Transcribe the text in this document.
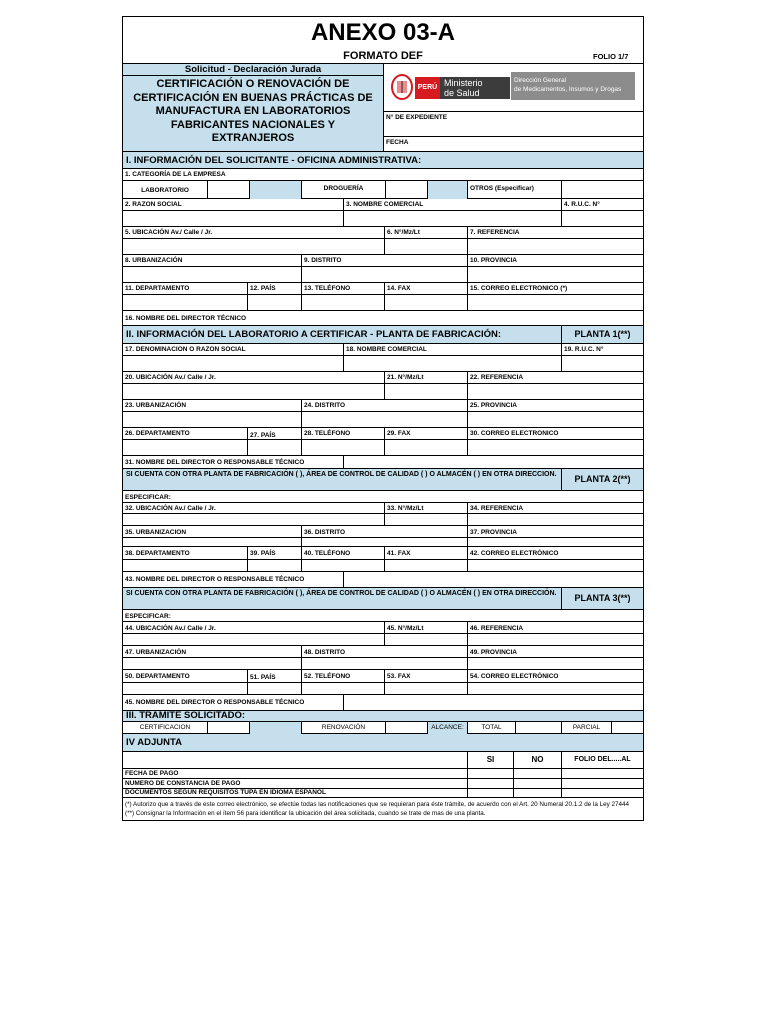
ANEXO 03-A
FORMATO DEF	FOLIO 1/7
Solicitud - Declaración Jurada
CERTIFICACIÓN O RENOVACIÓN DE CERTIFICACIÓN EN BUENAS PRÁCTICAS DE MANUFACTURA EN LABORATORIOS FABRICANTES NACIONALES Y EXTRANJEROS
PERÚ Ministerio
de Salud
Dirección General
de Medicamentos, Insumos y Drogas
N° DE EXPEDIENTE
FECHA
I. INFORMACIÓN DEL SOLICITANTE - OFICINA ADMINISTRATIVA:
1. CATEGORÍA DE LA EMPRESA
LABORATORIO	DROGUERÍA	OTROS (Especificar)
2. RAZON SOCIAL	3. NOMBRE COMERCIAL	4. R.U.C. N°
5. UBICACIÓN Av./ Calle / Jr.	6. N°/Mz/Lt	7. REFERENCIA
8. URBANIZACIÓN	9. DISTRITO	10. PROVINCIA
11. DEPARTAMENTO	12. PAÍS	13. TELÉFONO	14. FAX	15. CORREO ELECTRONICO (*)
16. NOMBRE DEL DIRECTOR TÉCNICO
II. INFORMACIÓN DEL LABORATORIO A CERTIFICAR - PLANTA DE FABRICACIÓN:	PLANTA 1(**)
17. DENOMINACION O RAZON SOCIAL	18. NOMBRE COMERCIAL	19. R.U.C. N°
20. UBICACIÓN Av./ Calle / Jr.	21. N°/Mz/Lt	22. REFERENCIA
23. URBANIZACIÓN	24. DISTRITO	25. PROVINCIA
26. DEPARTAMENTO	27. PAÍS	28. TELÉFONO	29. FAX	30. CORREO ELECTRONICO
31. NOMBRE DEL DIRECTOR O RESPONSABLE TÉCNICO
SI CUENTA CON OTRA PLANTA DE FABRICACIÓN ( ), ÁREA DE CONTROL DE CALIDAD ( ) O ALMACÉN ( ) EN OTRA DIRECCION.	PLANTA 2(**)
ESPECIFICAR:
32. UBICACIÓN Av./ Calle / Jr.	33. N°/Mz/Lt	34. REFERENCIA
35. URBANIZACION	36. DISTRITO	37. PROVINCIA
38. DEPARTAMENTO	39. PAÍS	40. TELÉFONO	41. FAX	42. CORREO ELECTRÓNICO
43. NOMBRE DEL DIRECTOR O RESPONSABLE TÉCNICO
SI CUENTA CON OTRA PLANTA DE FABRICACIÓN ( ), ÁREA DE CONTROL DE CALIDAD ( ) O ALMACÉN ( ) EN OTRA DIRECCIÓN.	PLANTA 3(**)
ESPECIFICAR:
44. UBICACIÓN Av./ Calle / Jr.	45. N°/Mz/Lt	46. REFERENCIA
47. URBANIZACIÓN	48. DISTRITO	49. PROVINCIA
50. DEPARTAMENTO	51. PAÍS	52. TELÉFONO	53. FAX	54. CORREO ELECTRÓNICO
45. NOMBRE DEL DIRECTOR O RESPONSABLE TÉCNICO
III. TRAMITE SOLICITADO:
CERTIFICACIÓN	RENOVACIÓN	ALCANCE:	TOTAL	PARCIAL
IV ADJUNTA
SI	NO	FOLIO DEL.....AL
FECHA DE PAGO
NUMERO DE CONSTANCIA DE PAGO
DOCUMENTOS SEGÚN REQUISITOS TUPA EN IDIOMA ESPAÑOL
(*) Autorizo que a través de este correo electrónico, se efectúe todas las notificaciones que se requieran para éste trámite, de acuerdo con el Art. 20 Numeral 20.1.2 de la Ley 27444
(**) Consignar la Información en el ítem 56 para identificar la ubicación del área solicitada, cuando se trate de mas de una planta.
